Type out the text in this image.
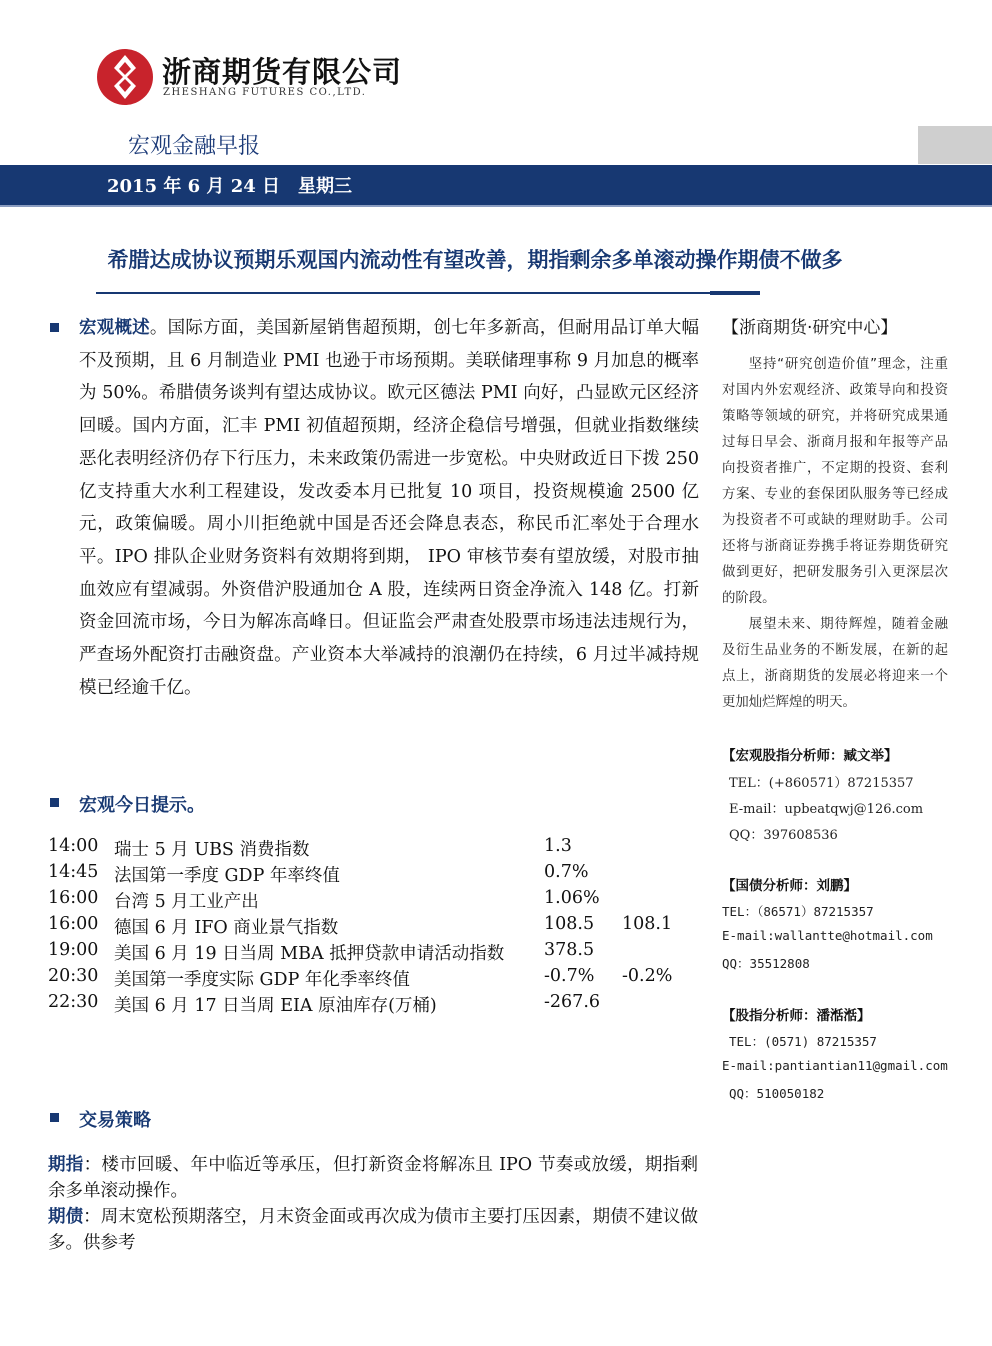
浙商期货有限公司
ZHESHANG FUTURES CO.,LTD.
宏观金融早报
2015 年 6 月 24 日　星期三
希腊达成协议预期乐观国内流动性有望改善，期指剩余多单滚动操作期债不做多
宏观概述。国际方面，美国新屋销售超预期，创七年多新高，但耐用品订单大幅不及预期，且 6 月制造业 PMI 也逊于市场预期。美联储理事称 9 月加息的概率为 50%。希腊债务谈判有望达成协议。欧元区德法 PMI 向好，凸显欧元区经济回暖。国内方面，汇丰 PMI 初值超预期，经济企稳信号增强，但就业指数继续恶化表明经济仍存下行压力，未来政策仍需进一步宽松。中央财政近日下拨 250 亿支持重大水利工程建设，发改委本月已批复 10 项目，投资规模逾 2500 亿元，政策偏暖。周小川拒绝就中国是否还会降息表态，称民币汇率处于合理水平。IPO 排队企业财务资料有效期将到期， IPO 审核节奏有望放缓，对股市抽血效应有望减弱。外资借沪股通加仓 A 股，连续两日资金净流入 148 亿。打新资金回流市场，今日为解冻高峰日。但证监会严肃查处股票市场违法违规行为，严查场外配资打击融资盘。产业资本大举减持的浪潮仍在持续，6 月过半减持规模已经逾千亿。
宏观今日提示。
14:00 瑞士 5 月 UBS 消费指数	1.3
14:45 法国第一季度 GDP 年率终值	0.7%
16:00 台湾 5 月工业产出	1.06%
16:00 德国 6 月 IFO 商业景气指数	108.5 108.1
19:00 美国 6 月 19 日当周 MBA 抵押贷款申请活动指数 378.5
20:30 美国第一季度实际 GDP 年化季率终值	-0.7% -0.2%
22:30 美国 6 月 17 日当周 EIA 原油库存(万桶)	-267.6
交易策略
期指：楼市回暖、年中临近等承压，但打新资金将解冻且 IPO 节奏或放缓，期指剩余多单滚动操作。
期债：周末宽松预期落空，月末资金面或再次成为债市主要打压因素，期债不建议做多。供参考
【浙商期货·研究中心】
坚持“研究创造价值”理念，注重对国内外宏观经济、政策导向和投资策略等领域的研究，并将研究成果通过每日早会、浙商月报和年报等产品向投资者推广，不定期的投资、套利方案、专业的套保团队服务等已经成为投资者不可或缺的理财助手。公司还将与浙商证券携手将证券期货研究做到更好，把研发服务引入更深层次的阶段。
展望未来、期待辉煌，随着金融及衍生品业务的不断发展，在新的起点上，浙商期货的发展必将迎来一个更加灿烂辉煌的明天。
【宏观股指分析师：臧文举】
TEL：(+860571）87215357
E-mail：upbeatqwj@126.com
QQ：397608536
【国债分析师：刘鹏】
TEL：（86571）87215357
E-mail:wallantte@hotmail.com
QQ：35512808
【股指分析师：潘湉湉】
TEL：(0571) 87215357
E-mail:pantiantian11@gmail.com
QQ：510050182
